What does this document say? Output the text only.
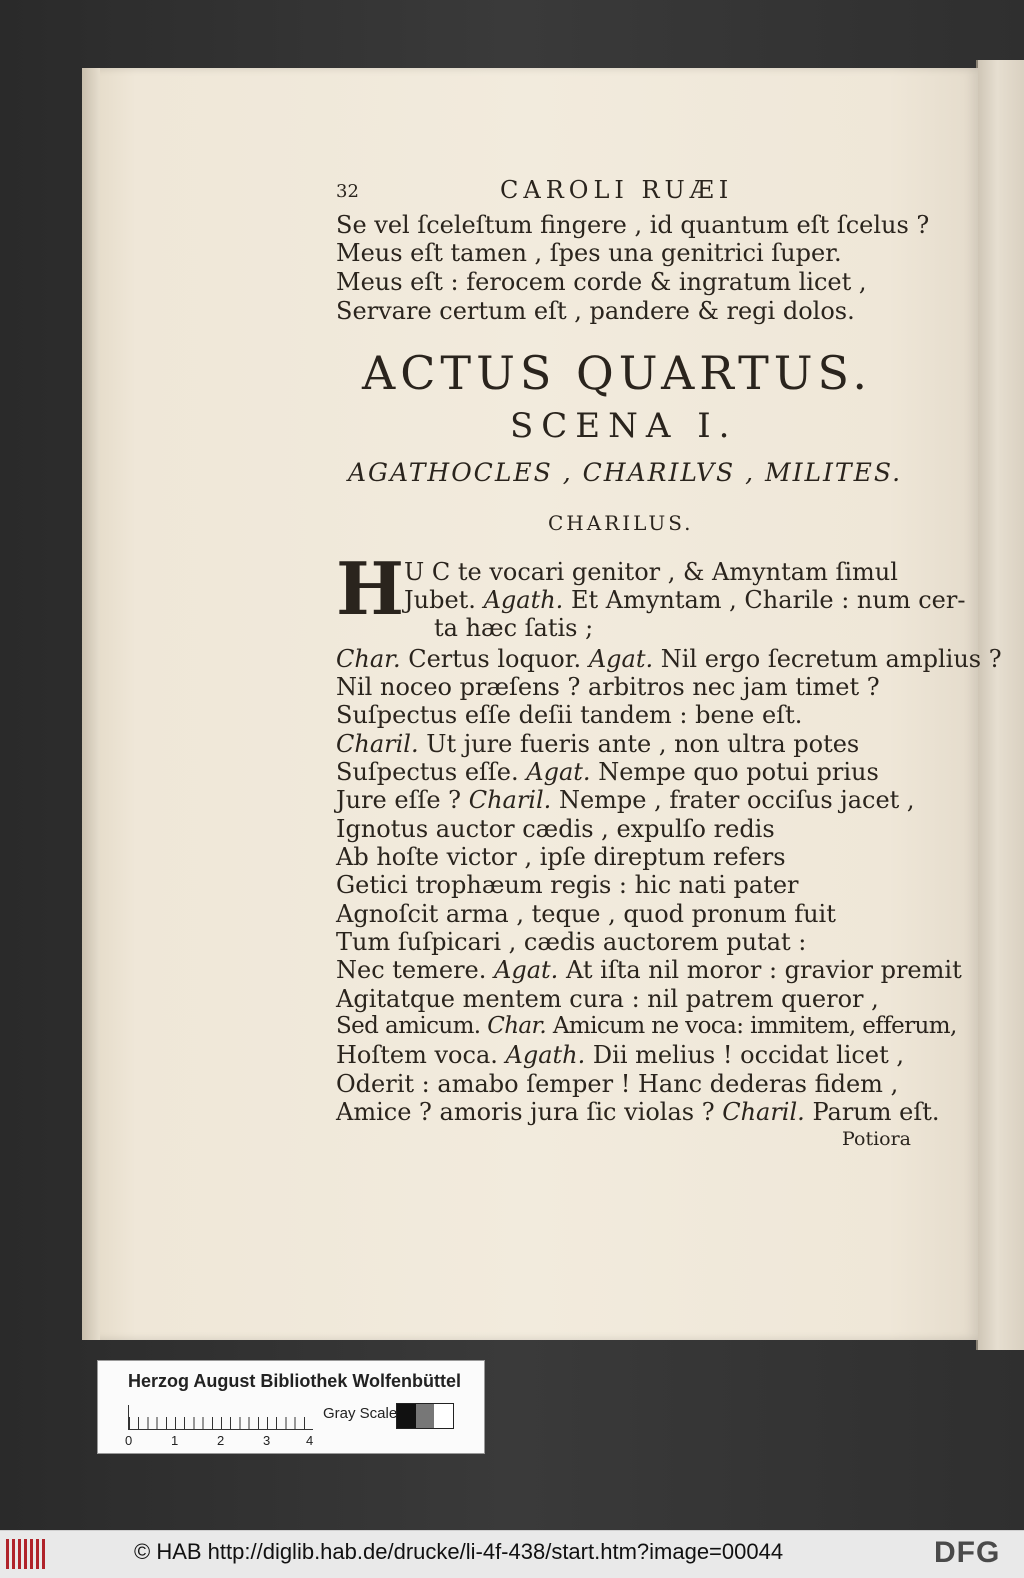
32	CAROLI RUÆI
Se vel ſceleſtum fingere , id quantum eſt ſcelus ?
Meus eſt tamen , ſpes una genitrici ſuper.
Meus eſt : ferocem corde & ingratum licet ,
Servare certum eſt , pandere & regi dolos.
ACTUS QUARTUS.
SCENA I.
AGATHOCLES , CHARILVS , MILITES.
CHARILUS.
H U C te vocari genitor , & Amyntam ſimul
Jubet. Agath. Et Amyntam , Charile : num cer-
ta hæc ſatis ;
Char. Certus loquor. Agat. Nil ergo ſecretum amplius ?
Nil noceo præſens ? arbitros nec jam timet ?
Suſpectus eſſe deſii tandem : bene eſt.
Charil. Ut jure fueris ante , non ultra potes
Suſpectus eſſe. Agat. Nempe quo potui prius
Jure eſſe ? Charil. Nempe , frater occiſus jacet ,
Ignotus auctor cædis , expulſo redis
Ab hoſte victor , ipſe direptum refers
Getici trophæum regis : hic nati pater
Agnoſcit arma , teque , quod pronum fuit
Tum ſuſpicari , cædis auctorem putat :
Nec temere. Agat. At iſta nil moror : gravior premit
Agitatque mentem cura : nil patrem queror ,
Sed amicum. Char. Amicum ne voca: immitem, efferum,
Hoſtem voca. Agath. Dii melius ! occidat licet ,
Oderit : amabo ſemper ! Hanc dederas fidem ,
Amice ? amoris jura ſic violas ? Charil. Parum eſt.
Potiora
Herzog August Bibliothek Wolfenbüttel
0	1	2	3	4
Gray Scale
© HAB http://diglib.hab.de/drucke/li-4f-438/start.htm?image=00044	DFG
